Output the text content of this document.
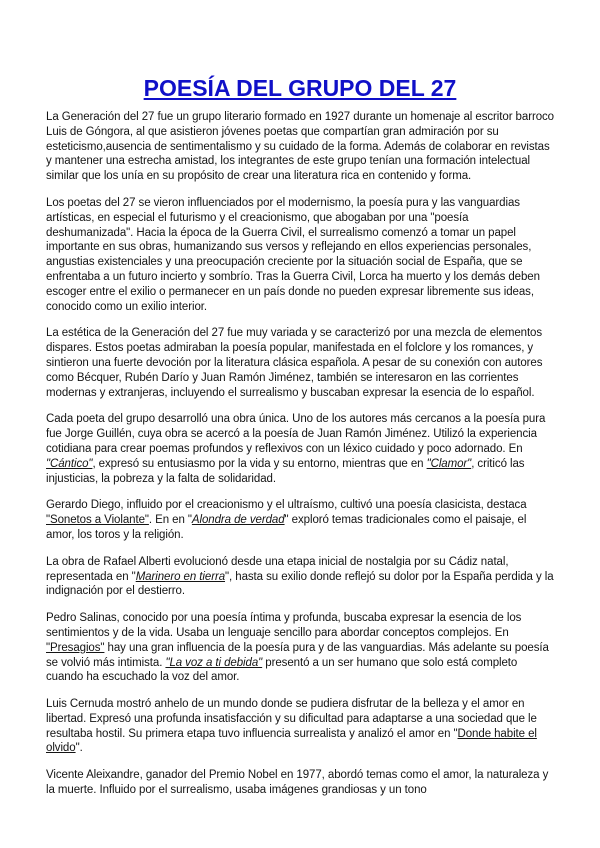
POESÍA DEL GRUPO DEL 27

La Generación del 27 fue un grupo literario formado en 1927 durante un homenaje al escritor barroco Luis de Góngora, al que asistieron jóvenes poetas que compartían gran admiración por su esteticismo,ausencia de sentimentalismo y su cuidado de la forma. Además de colaborar en revistas y mantener una estrecha amistad, los integrantes de este grupo tenían una formación intelectual similar que los unía en su propósito de crear una literatura rica en contenido y forma.

Los poetas del 27 se vieron influenciados por el modernismo, la poesía pura y las vanguardias artísticas, en especial el futurismo y el creacionismo, que abogaban por una "poesía deshumanizada". Hacia la época de la Guerra Civil, el surrealismo comenzó a tomar un papel importante en sus obras, humanizando sus versos y reflejando en ellos experiencias personales, angustias existenciales y una preocupación creciente por la situación social de España, que se enfrentaba a un futuro incierto y sombrío. Tras la Guerra Civil, Lorca ha muerto y los demás deben escoger entre el exilio o permanecer en un país donde no pueden expresar libremente sus ideas, conocido como un exilio interior.

La estética de la Generación del 27 fue muy variada y se caracterizó por una mezcla de elementos dispares. Estos poetas admiraban la poesía popular, manifestada en el folclore y los romances, y sintieron una fuerte devoción por la literatura clásica española. A pesar de su conexión con autores como Bécquer, Rubén Darío y Juan Ramón Jiménez, también se interesaron en las corrientes modernas y extranjeras, incluyendo el surrealismo y buscaban expresar la esencia de lo español.

Cada poeta del grupo desarrolló una obra única. Uno de los autores más cercanos a la poesía pura fue Jorge Guillén, cuya obra se acercó a la poesía de Juan Ramón Jiménez. Utilizó la experiencia cotidiana para crear poemas profundos y reflexivos con un léxico cuidado y poco adornado. En "Cántico", expresó su entusiasmo por la vida y su entorno, mientras que en "Clamor", criticó las injusticias, la pobreza y la falta de solidaridad.

Gerardo Diego, influido por el creacionismo y el ultraísmo, cultivó una poesía clasicista, destaca "Sonetos a Violante". En en "Alondra de verdad" exploró temas tradicionales como el paisaje, el amor, los toros y la religión.

La obra de Rafael Alberti evolucionó desde una etapa inicial de nostalgia por su Cádiz natal, representada en "Marinero en tierra", hasta su exilio donde reflejó su dolor por la España perdida y la indignación por el destierro.

Pedro Salinas, conocido por una poesía íntima y profunda, buscaba expresar la esencia de los sentimientos y de la vida. Usaba un lenguaje sencillo para abordar conceptos complejos. En "Presagios" hay una gran influencia de la poesía pura y de las vanguardias. Más adelante su poesía se volvió más intimista. "La voz a ti debida" presentó a un ser humano que solo está completo cuando ha escuchado la voz del amor.

Luis Cernuda mostró anhelo de un mundo donde se pudiera disfrutar de la belleza y el amor en libertad. Expresó una profunda insatisfacción y su dificultad para adaptarse a una sociedad que le resultaba hostil. Su primera etapa tuvo influencia surrealista y analizó el amor en "Donde habite el olvido".

Vicente Aleixandre, ganador del Premio Nobel en 1977, abordó temas como el amor, la naturaleza y la muerte. Influido por el surrealismo, usaba imágenes grandiosas y un tono
